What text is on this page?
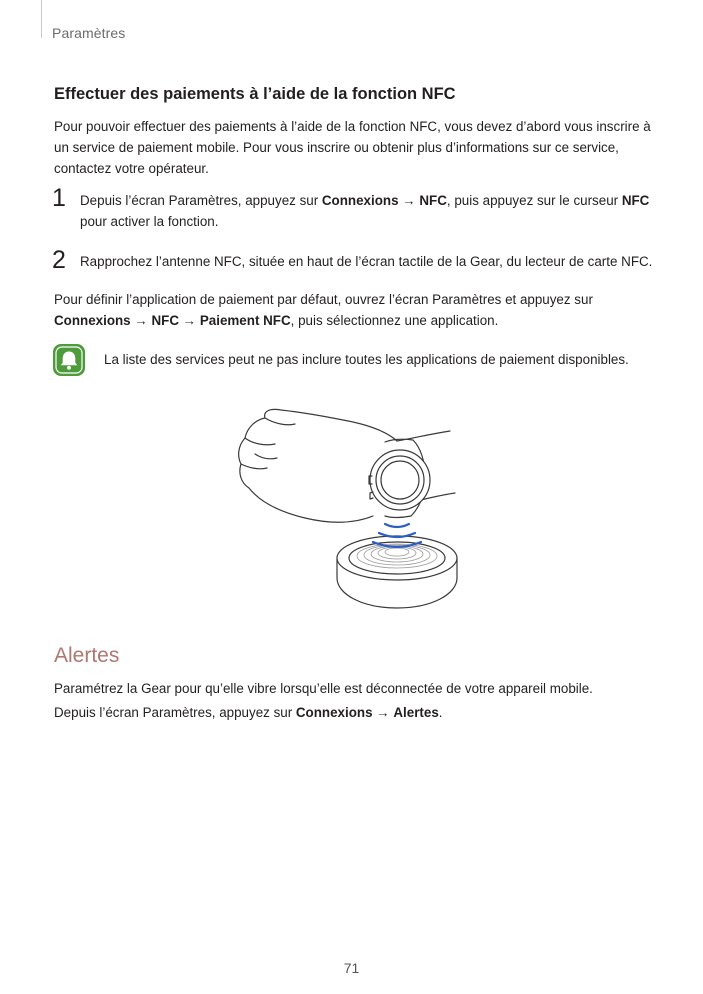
Paramètres
Effectuer des paiements à l’aide de la fonction NFC
Pour pouvoir effectuer des paiements à l’aide de la fonction NFC, vous devez d’abord vous inscrire à un service de paiement mobile. Pour vous inscrire ou obtenir plus d’informations sur ce service, contactez votre opérateur.
1 Depuis l’écran Paramètres, appuyez sur Connexions → NFC, puis appuyez sur le curseur NFC pour activer la fonction.
2 Rapprochez l’antenne NFC, située en haut de l’écran tactile de la Gear, du lecteur de carte NFC.
Pour définir l’application de paiement par défaut, ouvrez l’écran Paramètres et appuyez sur Connexions → NFC → Paiement NFC, puis sélectionnez une application.
La liste des services peut ne pas inclure toutes les applications de paiement disponibles.
Alertes
Paramétrez la Gear pour qu’elle vibre lorsqu’elle est déconnectée de votre appareil mobile.
Depuis l’écran Paramètres, appuyez sur Connexions → Alertes.
71
